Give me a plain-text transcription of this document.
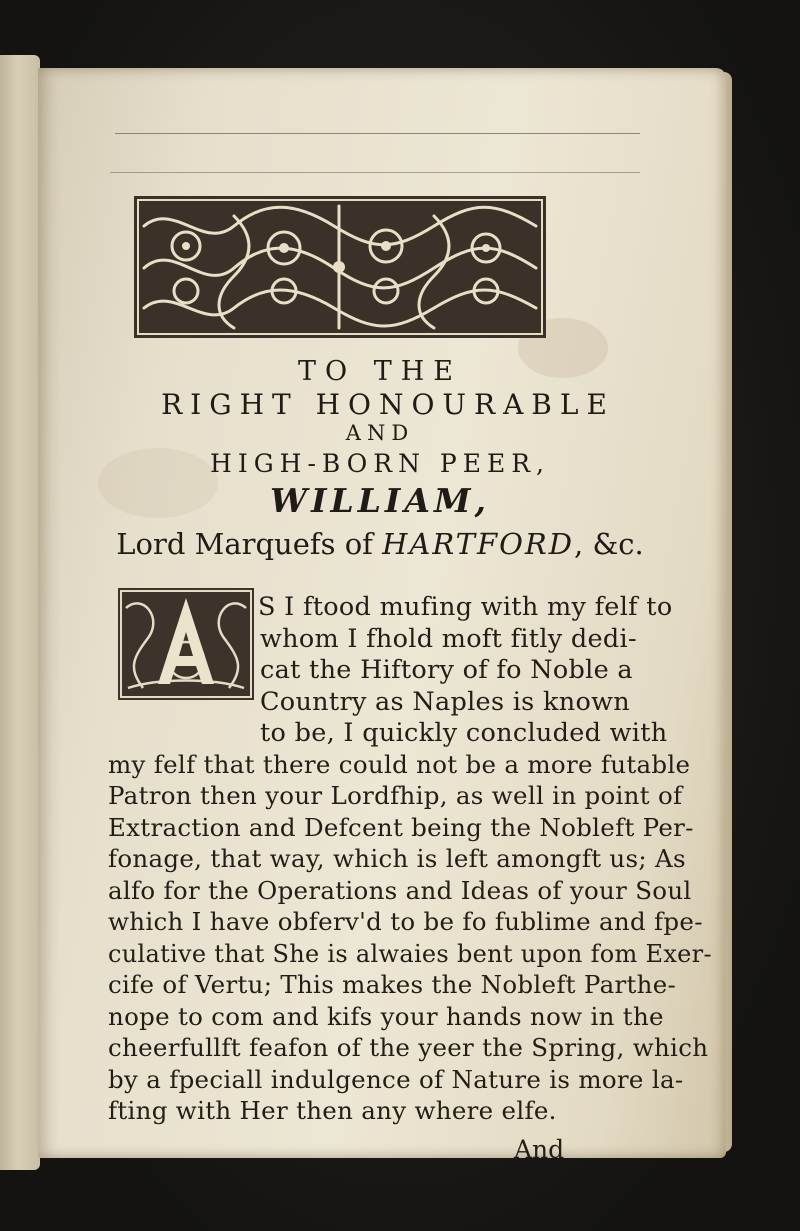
TO THE

RIGHT HONOURABLE

AND

HIGH-BORN PEER,

WILLIAM,

Lord Marquefs of HARTFORD, &c.

S I ftood mufing with my felf to

whom I fhold moft fitly dedi-

cat the Hiftory of fo Noble a

Country as Naples is known

to be, I quickly concluded with

my felf that there could not be a more futable

Patron then your Lordfhip, as well in point of

Extraction and Defcent being the Nobleft Per-

fonage, that way, which is left amongft us; As

alfo for the Operations and Ideas of your Soul

which I have obferv'd to be fo fublime and fpe-

culative that She is alwaies bent upon fom Exer-

cife of Vertu; This makes the Nobleft Parthe-

nope to com and kifs your hands now in the

cheerfullft feafon of the yeer the Spring, which

by a fpeciall indulgence of Nature is more la-

fting with Her then any where elfe.

And
